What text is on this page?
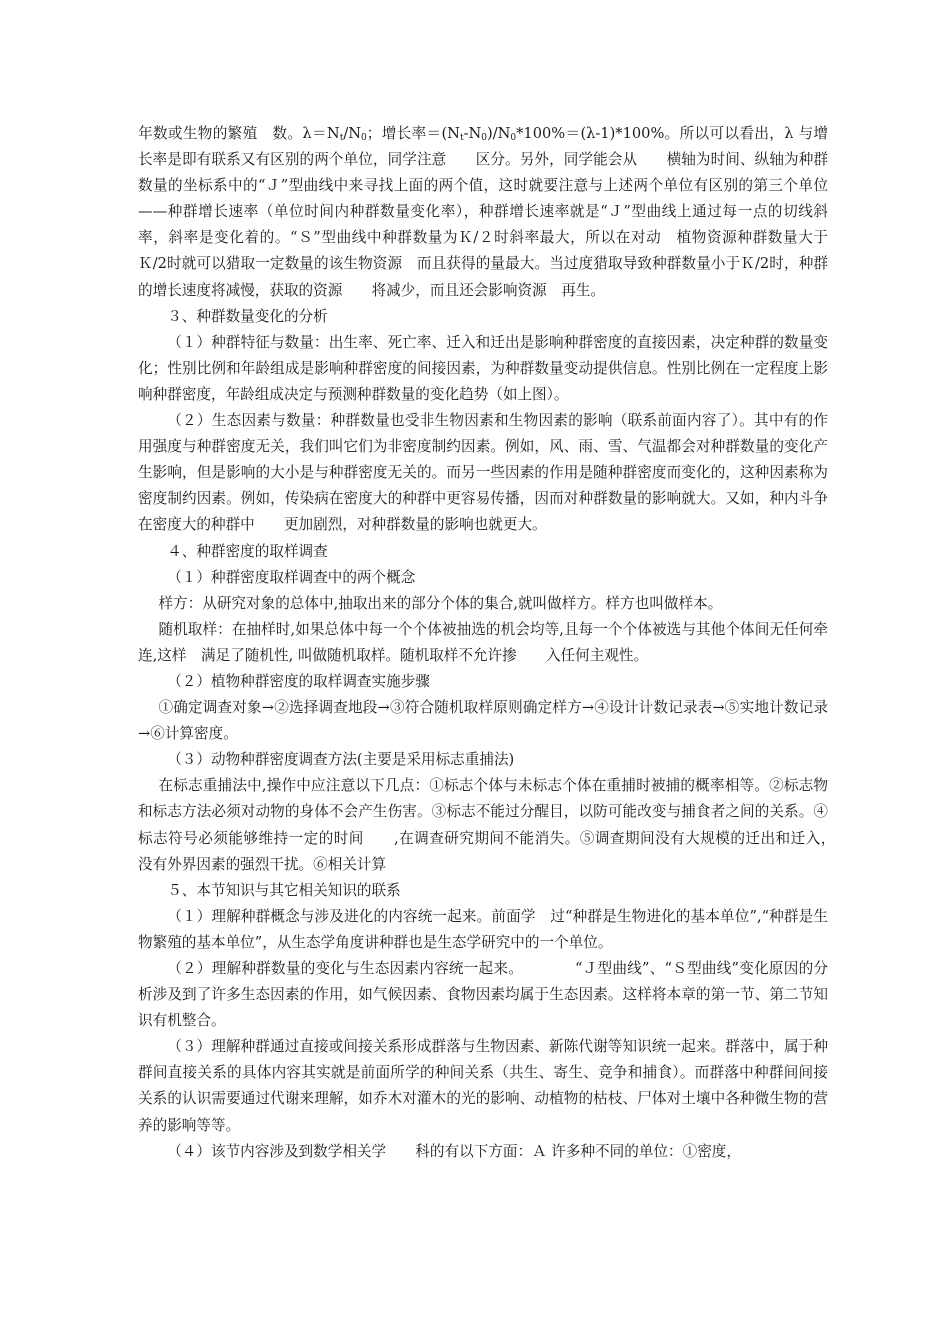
年数或生物的繁殖　数。$\lambda=N_t/N_0$；增长率$=(N_t-N_0)/N_0*100\%=(\lambda-1)*100\%$。所以可以看出，λ 与增长率是即有联系又有区别的两个单位，同学注意　　区分。另外，同学能会从　　横轴为时间、纵轴为种群数量的坐标系中的“Ｊ”型曲线中来寻找上面的两个值，这时就要注意与上述两个单位有区别的第三个单位——种群增长速率（单位时间内种群数量变化率），种群增长速率就是“Ｊ”型曲线上通过每一点的切线斜率，斜率是变化着的。“Ｓ”型曲线中种群数量为Ｋ/２时斜率最大，所以在对动　植物资源种群数量大于　　Ｋ/2时就可以猎取一定数量的该生物资源　而且获得的量最大。当过度猎取导致种群数量小于Ｋ/2时，种群的增长速度将减慢，获取的资源　　将减少，而且还会影响资源　再生。

３、种群数量变化的分析

（１）种群特征与数量：出生率、死亡率、迁入和迁出是影响种群密度的直接因素，决定种群的数量变化；性别比例和年龄组成是影响种群密度的间接因素，为种群数量变动提供信息。性别比例在一定程度上影响种群密度，年龄组成决定与预测种群数量的变化趋势（如上图）。

（２）生态因素与数量：种群数量也受非生物因素和生物因素的影响（联系前面内容了）。其中有的作用强度与种群密度无关，我们叫它们为非密度制约因素。例如，风、雨、雪、气温都会对种群数量的变化产生影响，但是影响的大小是与种群密度无关的。而另一些因素的作用是随种群密度而变化的，这种因素称为密度制约因素。例如，传染病在密度大的种群中更容易传播，因而对种群数量的影响就大。又如，种内斗争在密度大的种群中　　更加剧烈，对种群数量的影响也就更大。

４、种群密度的取样调查

（１）种群密度取样调查中的两个概念

样方：从研究对象的总体中,抽取出来的部分个体的集合,就叫做样方。样方也叫做样本。

随机取样：在抽样时,如果总体中每一个个体被抽选的机会均等,且每一个个体被选与其他个体间无任何牵连,这样　满足了随机性, 叫做随机取样。随机取样不允许掺　　入任何主观性。

（２）植物种群密度的取样调查实施步骤

①确定调查对象→②选择调查地段→③符合随机取样原则确定样方→④设计计数记录表→⑤实地计数记录→⑥计算密度。

（３）动物种群密度调查方法(主要是采用标志重捕法)

在标志重捕法中,操作中应注意以下几点：①标志个体与未标志个体在重捕时被捕的概率相等。②标志物和标志方法必须对动物的身体不会产生伤害。③标志不能过分醒目，以防可能改变与捕食者之间的关系。④标志符号必须能够维持一定的时间　　,在调查研究期间不能消失。⑤调查期间没有大规模的迁出和迁入，　　没有外界因素的强烈干扰。⑥相关计算

５、本节知识与其它相关知识的联系

（１）理解种群概念与涉及进化的内容统一起来。前面学　过“种群是生物进化的基本单位”,“种群是生物繁殖的基本单位”，从生态学角度讲种群也是生态学研究中的一个单位。

（２）理解种群数量的变化与生态因素内容统一起来。　　　　“Ｊ型曲线”、“Ｓ型曲线”变化原因的分析涉及到了许多生态因素的作用，如气候因素、食物因素均属于生态因素。这样将本章的第一节、第二节知识有机整合。

（３）理解种群通过直接或间接关系形成群落与生物因素、新陈代谢等知识统一起来。群落中，属于种群间直接关系的具体内容其实就是前面所学的种间关系（共生、寄生、竞争和捕食）。而群落中种群间间接关系的认识需要通过代谢来理解，如乔木对灌木的光的影响、动植物的枯枝、尸体对土壤中各种微生物的营养的影响等等。

（４）该节内容涉及到数学相关学　　科的有以下方面：Ａ 许多种不同的单位：①密度，
